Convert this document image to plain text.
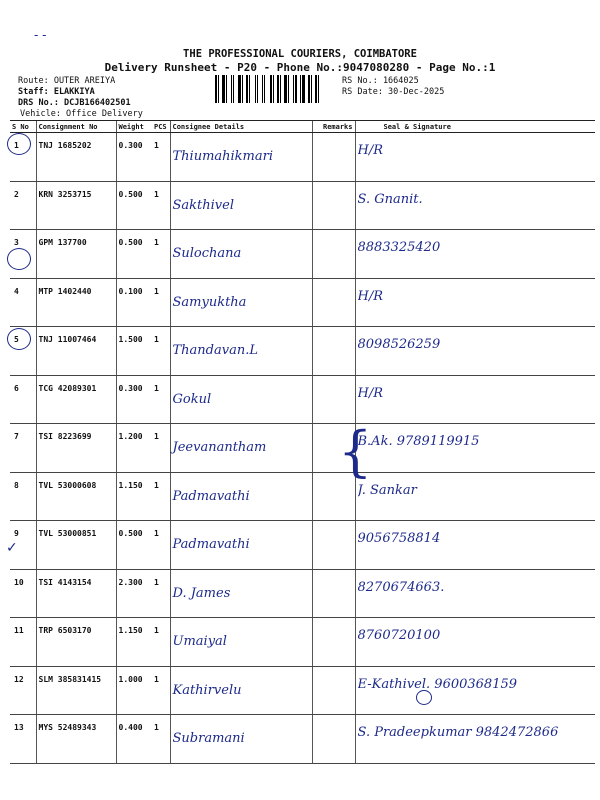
- -
THE PROFESSIONAL COURIERS, COIMBATORE
Delivery Runsheet - P20 - Phone No.:9047080280 - Page No.:1
Route: OUTER AREIYA
Staff: ELAKKIYA
DRS No.: DCJB166402501
Vehicle: Office Delivery
RS No.: 1664025
RS Date: 30-Dec-2025
S No	Consignment No	Weight	PCS	Consignee Details	Remarks	Seal & Signature
1	TNJ 1685202	0.300	1	Thiumahikmari		H/R

2	KRN 3253715	0.500	1	Sakthivel		S. Gnanit.

3	GPM 137700	0.500	1	Sulochana		8883325420

4	MTP 1402440	0.100	1	Samyuktha		H/R

5	TNJ 11007464	1.500	1	Thandavan.L		8098526259

6	TCG 42089301	0.300	1	Gokul		H/R

7	TSI 8223699	1.200	1	Jeevanantham		B.Ak. 9789119915

8	TVL 53000608	1.150	1	Padmavathi		J. Sankar

9	TVL 53000851	0.500	1	Padmavathi		9056758814

10	TSI 4143154	2.300	1	D. James		8270674663.

11	TRP 6503170	1.150	1	Umaiyal		8760720100

12	SLM 385831415	1.000	1	Kathirvelu		E-Kathivel. 9600368159

13	MYS 52489343	0.400	1	Subramani		S. Pradeepkumar 9842472866
✓
{
